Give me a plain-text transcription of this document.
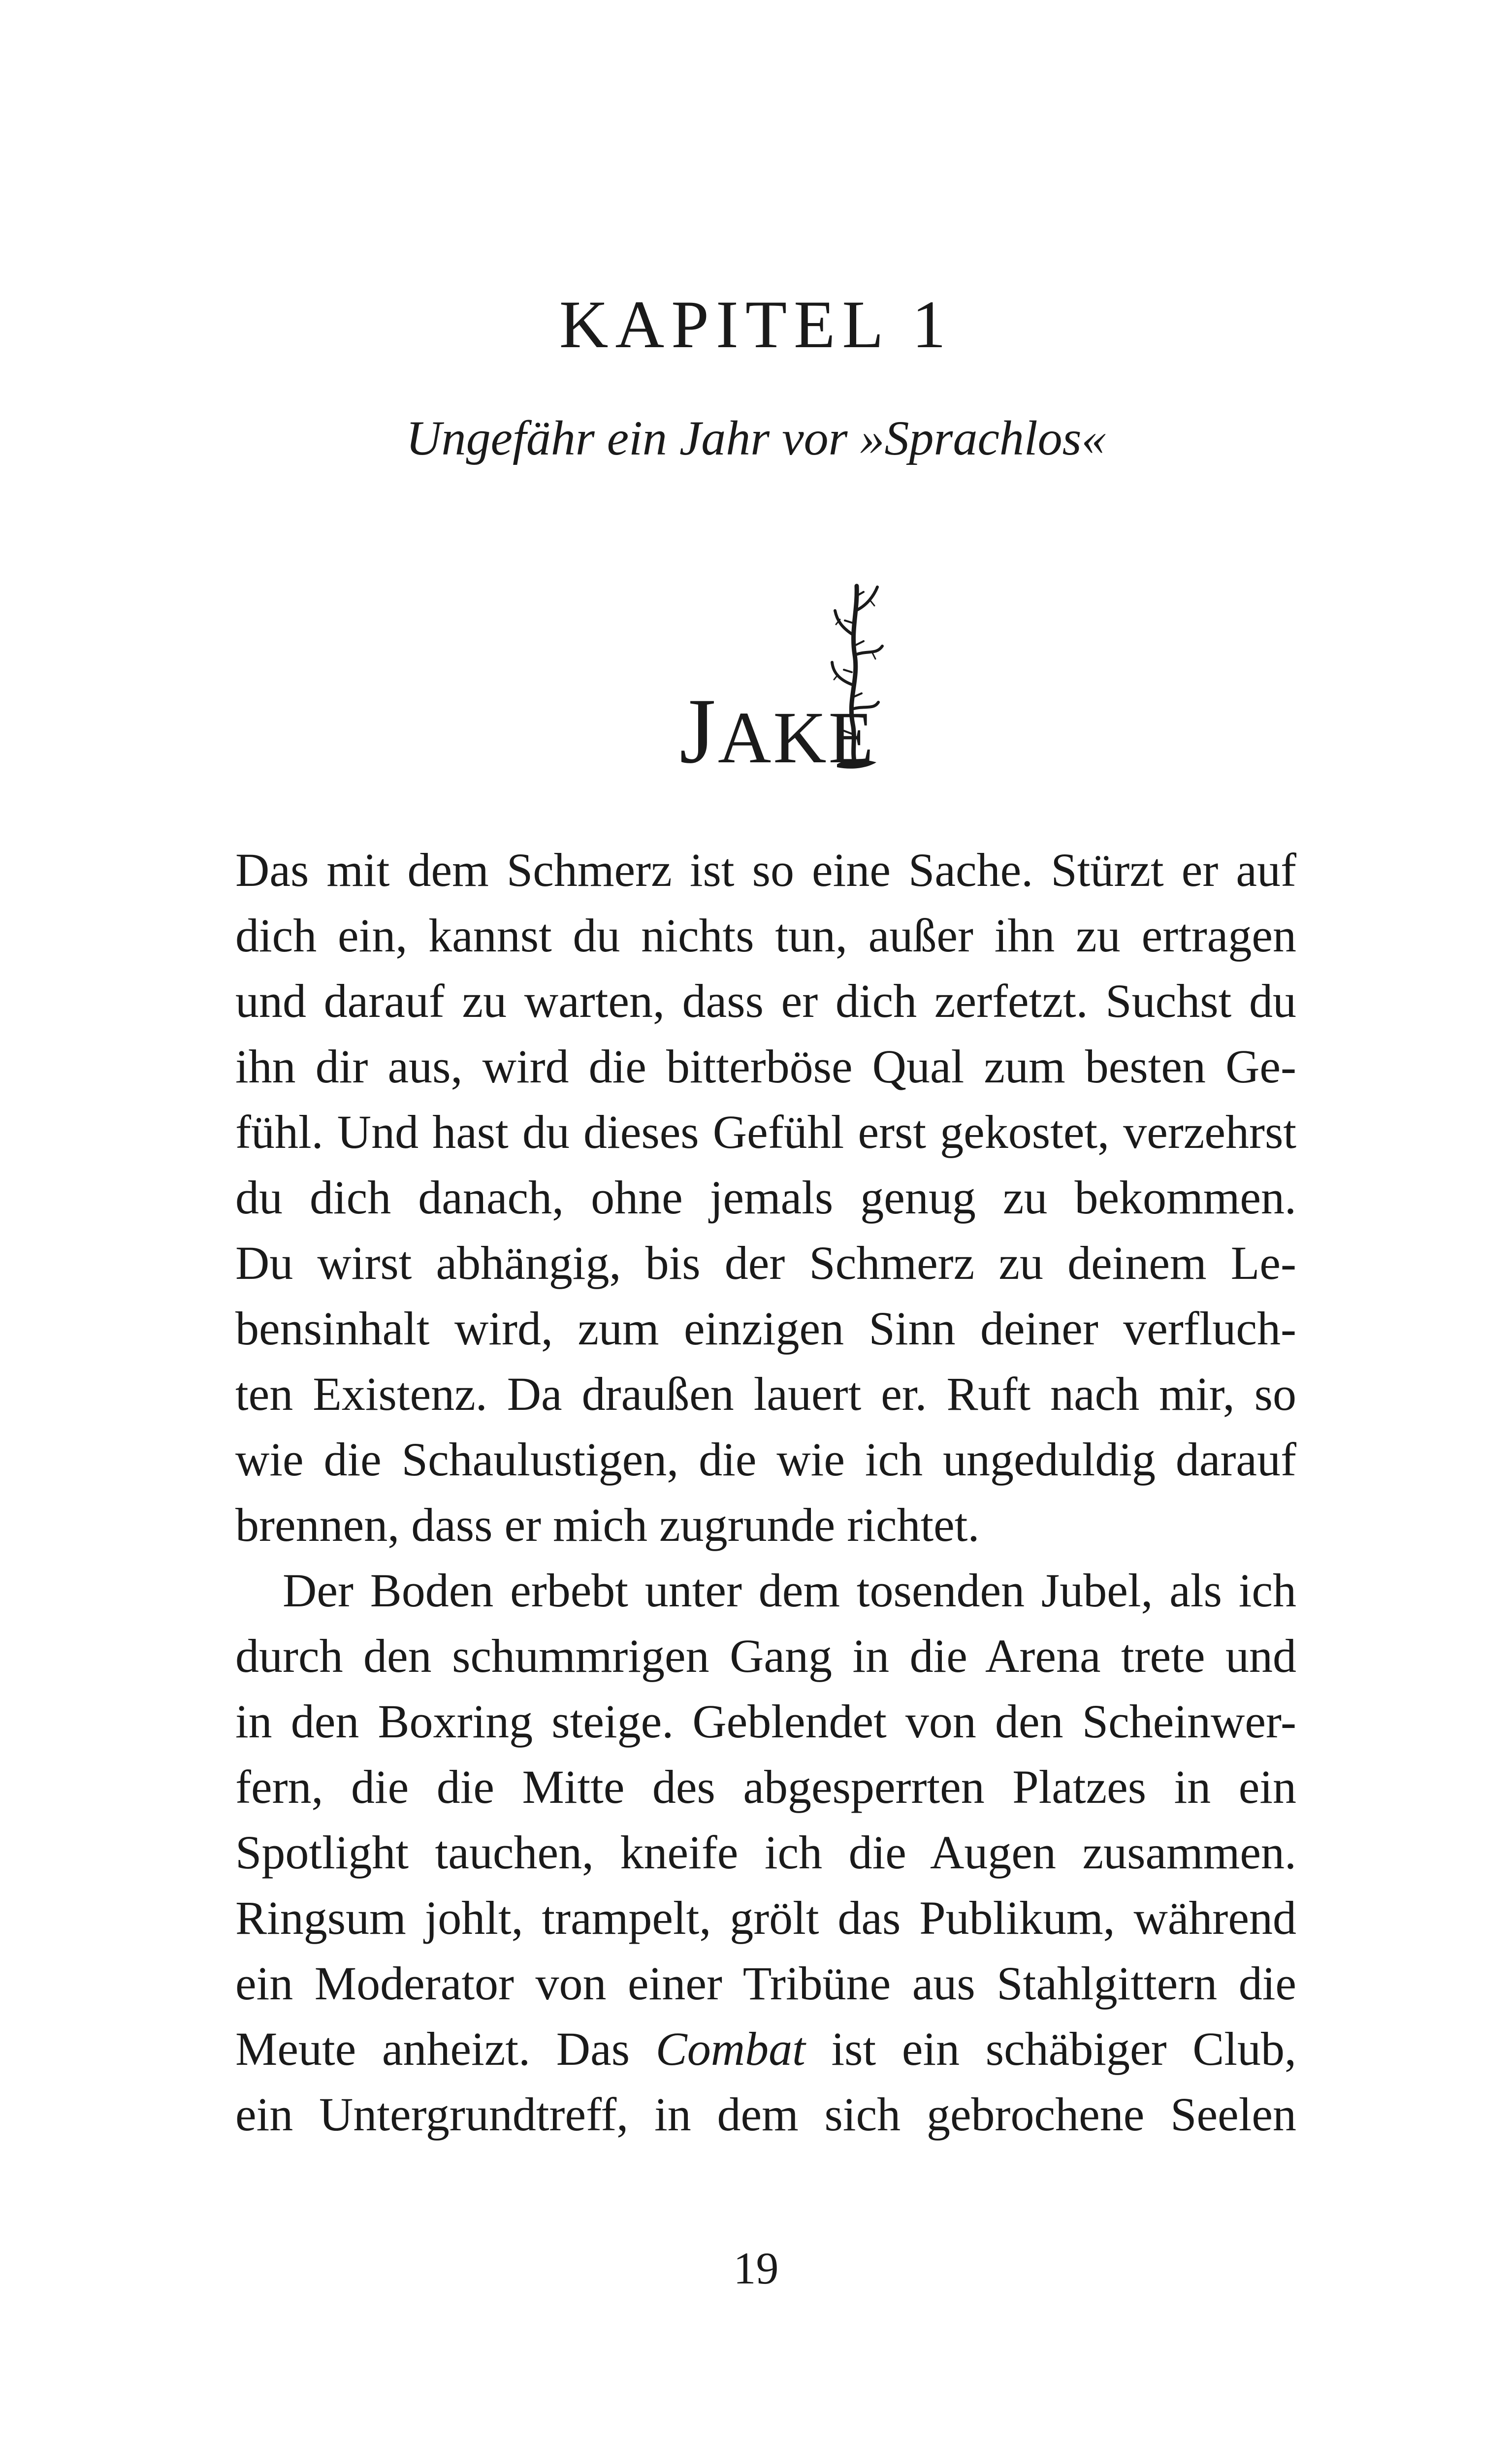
KAPITEL 1

Ungefähr ein Jahr vor »Sprachlos«

JAKE

Das mit dem Schmerz ist so eine Sache. Stürzt er auf
dich ein, kannst du nichts tun, außer ihn zu ertragen
und darauf zu warten, dass er dich zerfetzt. Suchst du
ihn dir aus, wird die bitterböse Qual zum besten Ge-
fühl. Und hast du dieses Gefühl erst gekostet, verzehrst
du dich danach, ohne jemals genug zu bekommen.
Du wirst abhängig, bis der Schmerz zu deinem Le-
bensinhalt wird, zum einzigen Sinn deiner verfluch-
ten Existenz. Da draußen lauert er. Ruft nach mir, so
wie die Schaulustigen, die wie ich ungeduldig darauf
brennen, dass er mich zugrunde richtet.

Der Boden erbebt unter dem tosenden Jubel, als ich
durch den schummrigen Gang in die Arena trete und
in den Boxring steige. Geblendet von den Scheinwer-
fern, die die Mitte des abgesperrten Platzes in ein
Spotlight tauchen, kneife ich die Augen zusammen.
Ringsum johlt, trampelt, grölt das Publikum, während
ein Moderator von einer Tribüne aus Stahlgittern die
Meute anheizt. Das Combat ist ein schäbiger Club,
ein Untergrundtreff, in dem sich gebrochene Seelen

19
